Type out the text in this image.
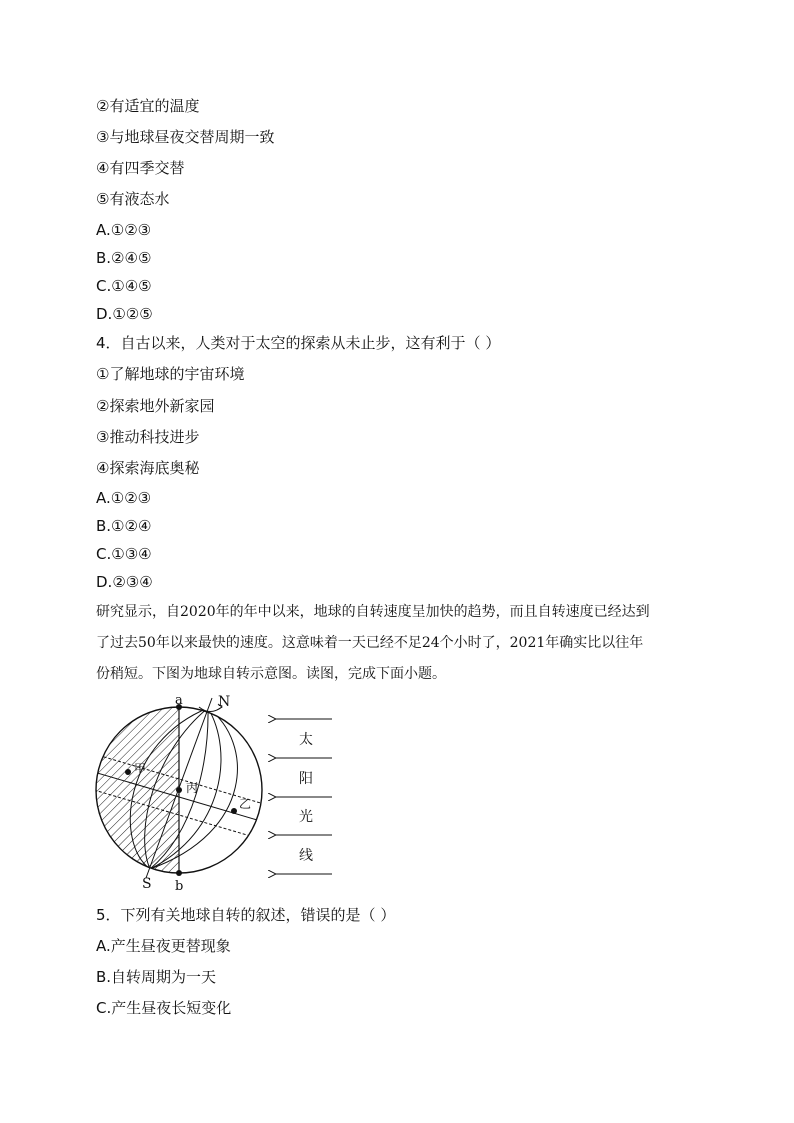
②有适宜的温度
③与地球昼夜交替周期一致
④有四季交替
⑤有液态水
A.①②③
B.②④⑤
C.①④⑤
D.①②⑤
4．自古以来，人类对于太空的探索从未止步，这有利于（ ）
①了解地球的宇宙环境
②探索地外新家园
③推动科技进步
④探索海底奥秘
A.①②③
B.①②④
C.①③④
D.②③④
研究显示，自2020年的年中以来，地球的自转速度呈加快的趋势，而且自转速度已经达到
了过去50年以来最快的速度。这意味着一天已经不足24个小时了，2021年确实比以往年
份稍短。下图为地球自转示意图。读图，完成下面小题。
a	N
S b
甲
丙
乙
太
阳
光
线
5．下列有关地球自转的叙述，错误的是（ ）
A.产生昼夜更替现象
B.自转周期为一天
C.产生昼夜长短变化
